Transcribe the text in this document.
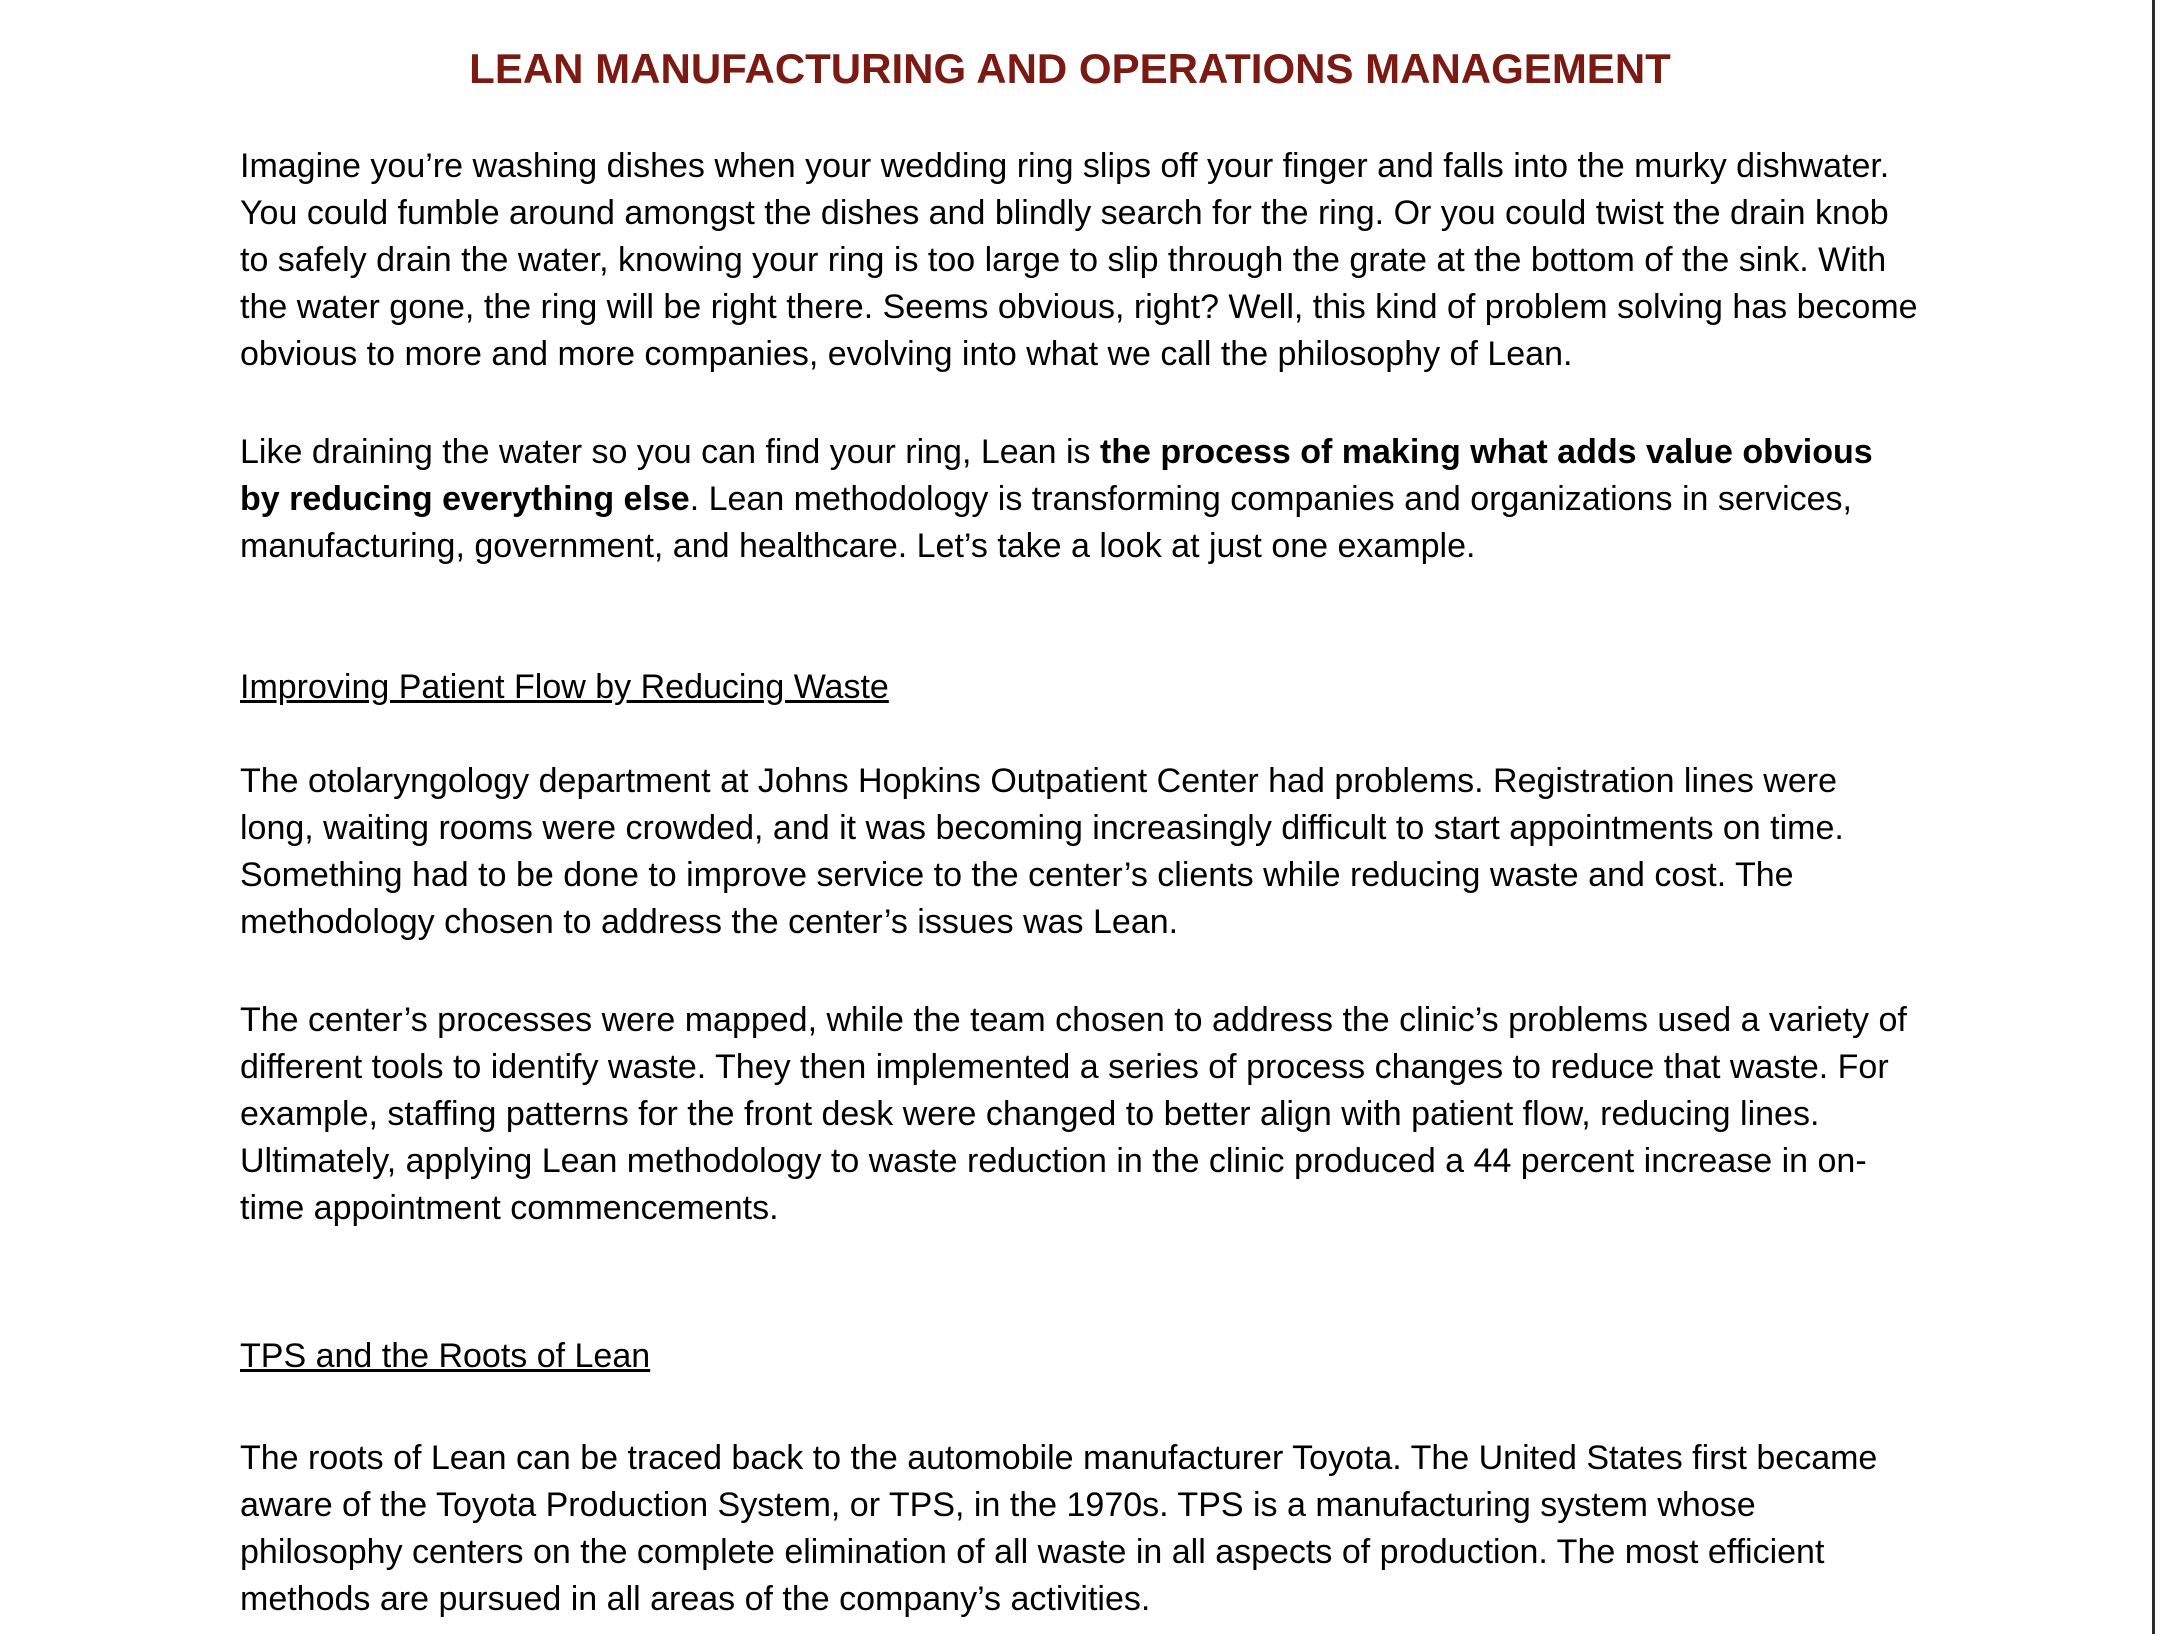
LEAN MANUFACTURING AND OPERATIONS MANAGEMENT

Imagine you’re washing dishes when your wedding ring slips off your finger and falls into the murky dishwater. You could fumble around amongst the dishes and blindly search for the ring. Or you could twist the drain knob to safely drain the water, knowing your ring is too large to slip through the grate at the bottom of the sink. With the water gone, the ring will be right there. Seems obvious, right? Well, this kind of problem solving has become obvious to more and more companies, evolving into what we call the philosophy of Lean.

Like draining the water so you can find your ring, Lean is the process of making what adds value obvious by reducing everything else. Lean methodology is transforming companies and organizations in services, manufacturing, government, and healthcare. Let’s take a look at just one example.

Improving Patient Flow by Reducing Waste

The otolaryngology department at Johns Hopkins Outpatient Center had problems. Registration lines were long, waiting rooms were crowded, and it was becoming increasingly difficult to start appointments on time. Something had to be done to improve service to the center’s clients while reducing waste and cost. The methodology chosen to address the center’s issues was Lean.

The center’s processes were mapped, while the team chosen to address the clinic’s problems used a variety of different tools to identify waste. They then implemented a series of process changes to reduce that waste. For example, staffing patterns for the front desk were changed to better align with patient flow, reducing lines. Ultimately, applying Lean methodology to waste reduction in the clinic produced a 44 percent increase in on-time appointment commencements.

TPS and the Roots of Lean

The roots of Lean can be traced back to the automobile manufacturer Toyota. The United States first became aware of the Toyota Production System, or TPS, in the 1970s. TPS is a manufacturing system whose philosophy centers on the complete elimination of all waste in all aspects of production. The most efficient methods are pursued in all areas of the company’s activities.
